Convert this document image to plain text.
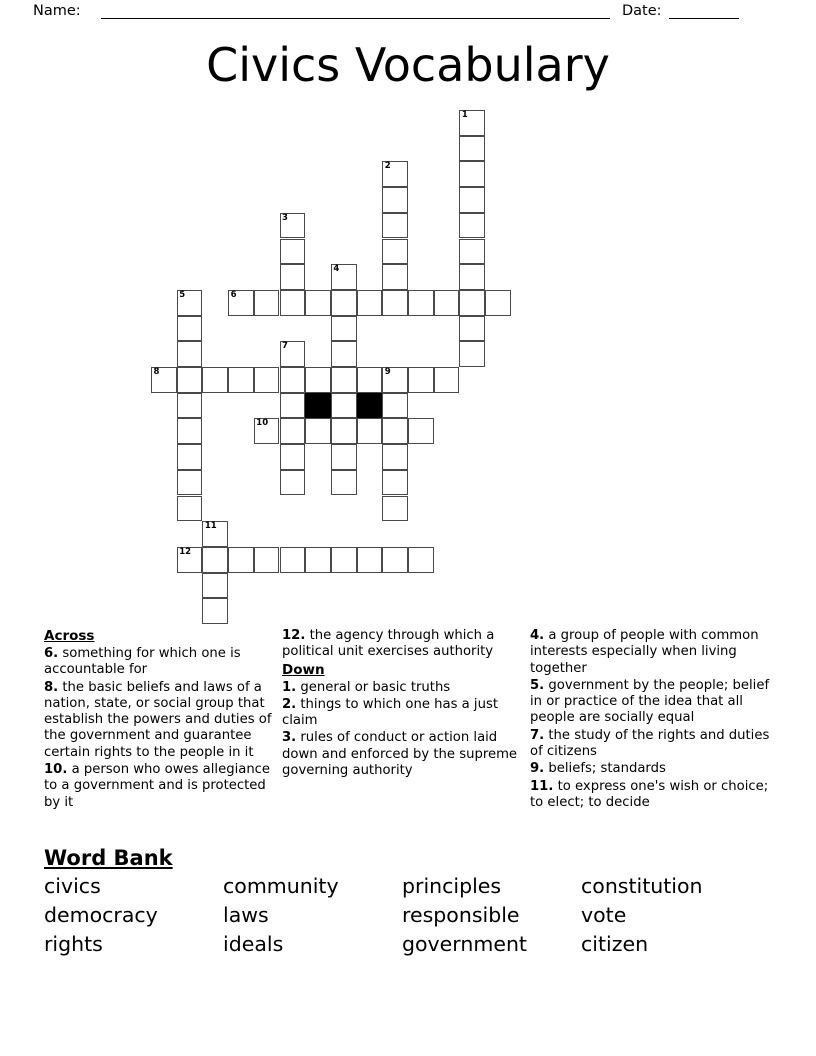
Name:	Date:
Civics Vocabulary
1
2
3
4
5	6
7
8	9
10
11
12
Across

6. something for which one is accountable for

8. the basic beliefs and laws of a nation, state, or social group that establish the powers and duties of the government and guarantee certain rights to the people in it

10. a person who owes allegiance to a government and is protected by it

12. the agency through which a political unit exercises authority

Down

1. general or basic truths

2. things to which one has a just claim

3. rules of conduct or action laid down and enforced by the supreme governing authority

4. a group of people with common interests especially when living together

5. government by the people; belief in or practice of the idea that all people are socially equal

7. the study of the rights and duties of citizens

9. beliefs; standards

11. to express one's wish or choice; to elect; to decide

Word Bank
civics	community	principles	constitution
democracy	laws	responsible	vote
rights	ideals	government	citizen
